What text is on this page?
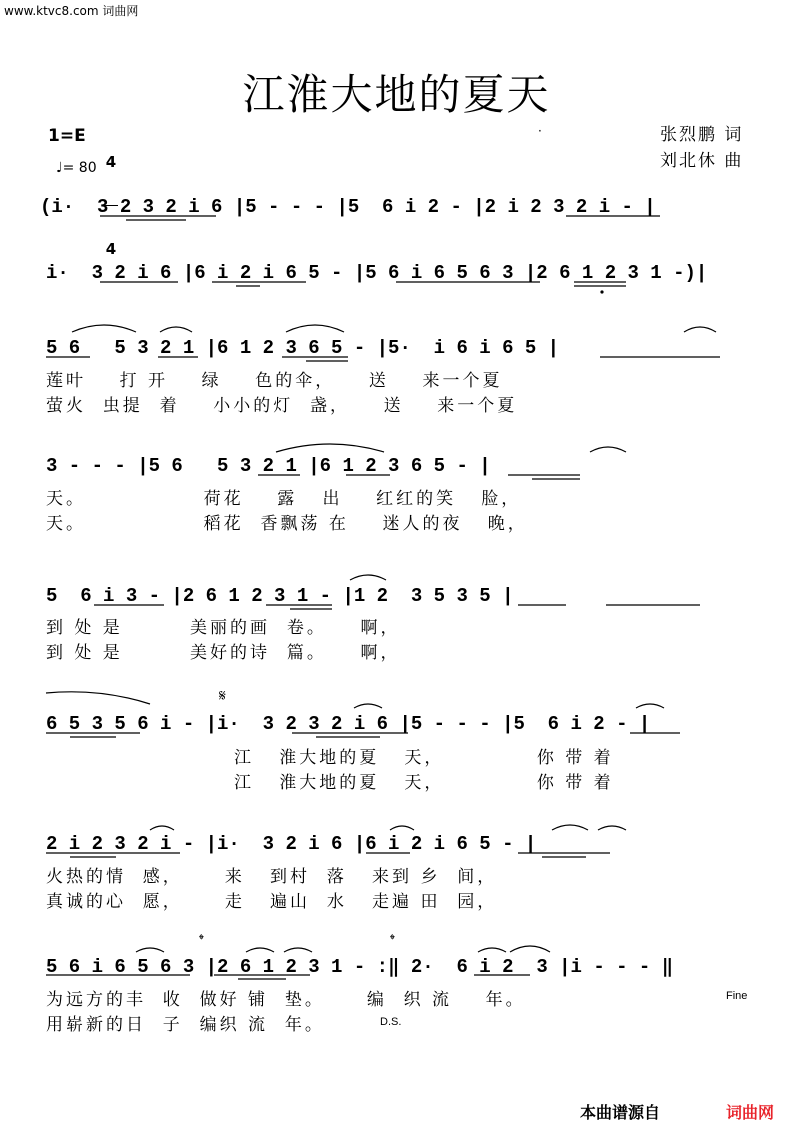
www.ktvc8.com 词曲网
江淮大地的夏天
1=E

4

4

♩= 80
·	张烈鹏 词
刘北休 曲
(i·  3 2 3 2 i 6 |5 - - - |5  6 i 2 - |2 i 2 3 2 i - |
i·  3 2 i 6 |6 i 2 i 6 5 - |5 6 i 6 5 6 3 |2 6 1 2 3 1 -)|
5 6   5 3 2 1 |6 1 2 3 6 5 - |5·  i 6 i 6 5 |
莲叶    打 开    绿    色的伞，    送    来一个夏
萤火  虫提  着    小小的灯  盏，    送    来一个夏
3 - - - |5 6   5 3 2 1 |6 1 2 3 6 5 - |
天。              荷花    露   出    红红的笑   脸，
天。              稻花  香飘荡 在    迷人的夜   晚，
5  6 i 3 - |2 6 1 2 3 1 - |1 2  3 5 3 5 |
到 处 是        美丽的画  卷。    啊，
到 处 是        美好的诗  篇。    啊，
𝄋
6 5 3 5 6 i - |i·  3 2 3 2 i 6 |5 - - - |5  6 i 2 - |
江   淮大地的夏   天，           你 带 着
江   淮大地的夏   天，           你 带 着
2 i 2 3 2 i - |i·  3 2 i 6 |6 i 2 i 6 5 - |
火热的情  感，     来   到村  落   来到 乡  间，
真诚的心  愿，     走   遍山  水   走遍 田  园，
𝄌	𝄌
5 6 i 6 5 6 3 |2 6 1 2 3 1 - :‖ 2·  6 i 2  3 |i - - - ‖
为远方的丰  收  做好 铺  垫。     编  织 流    年。	Fine
用崭新的日  子  编织 流  年。	D.S.
本曲谱源自	词曲网
